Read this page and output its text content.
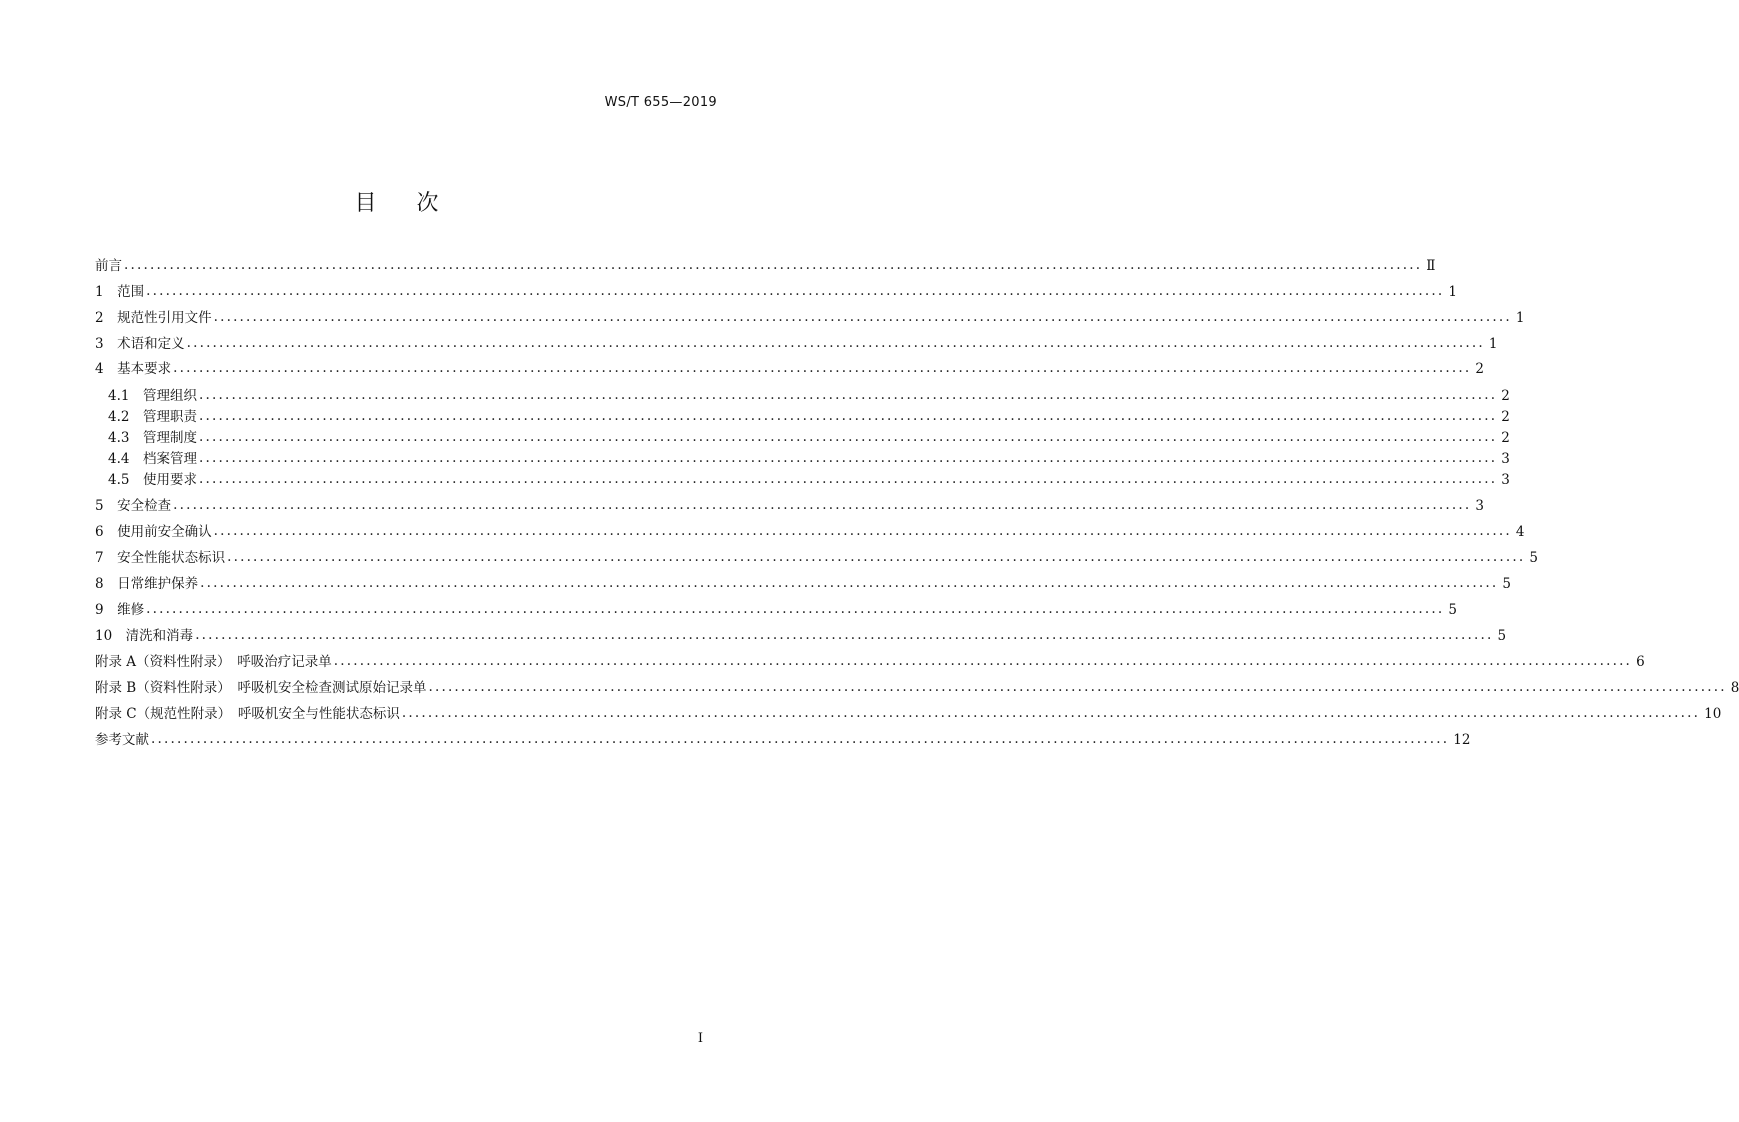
WS/T 655—2019
目次
前言 ........................................................................................................................................................................................................ Ⅱ
1　范围 ........................................................................................................................................................................................................ 1
2　规范性引用文件 ........................................................................................................................................................................................................ 1
3　术语和定义 ........................................................................................................................................................................................................ 1
4　基本要求 ........................................................................................................................................................................................................ 2
4.1　管理组织 ........................................................................................................................................................................................................ 2
4.2　管理职责 ........................................................................................................................................................................................................ 2
4.3　管理制度 ........................................................................................................................................................................................................ 2
4.4　档案管理 ........................................................................................................................................................................................................ 3
4.5　使用要求 ........................................................................................................................................................................................................ 3
5　安全检查 ........................................................................................................................................................................................................ 3
6　使用前安全确认 ........................................................................................................................................................................................................ 4
7　安全性能状态标识 ........................................................................................................................................................................................................ 5
8　日常维护保养 ........................................................................................................................................................................................................ 5
9　维修 ........................................................................................................................................................................................................ 5
10　清洗和消毒 ........................................................................................................................................................................................................ 5
附录 A（资料性附录）　呼吸治疗记录单 ........................................................................................................................................................................................................ 6
附录 B（资料性附录）　呼吸机安全检查测试原始记录单 ........................................................................................................................................................................................................ 8
附录 C（规范性附录）　呼吸机安全与性能状态标识 ........................................................................................................................................................................................................ 10
参考文献 ........................................................................................................................................................................................................ 12
I
